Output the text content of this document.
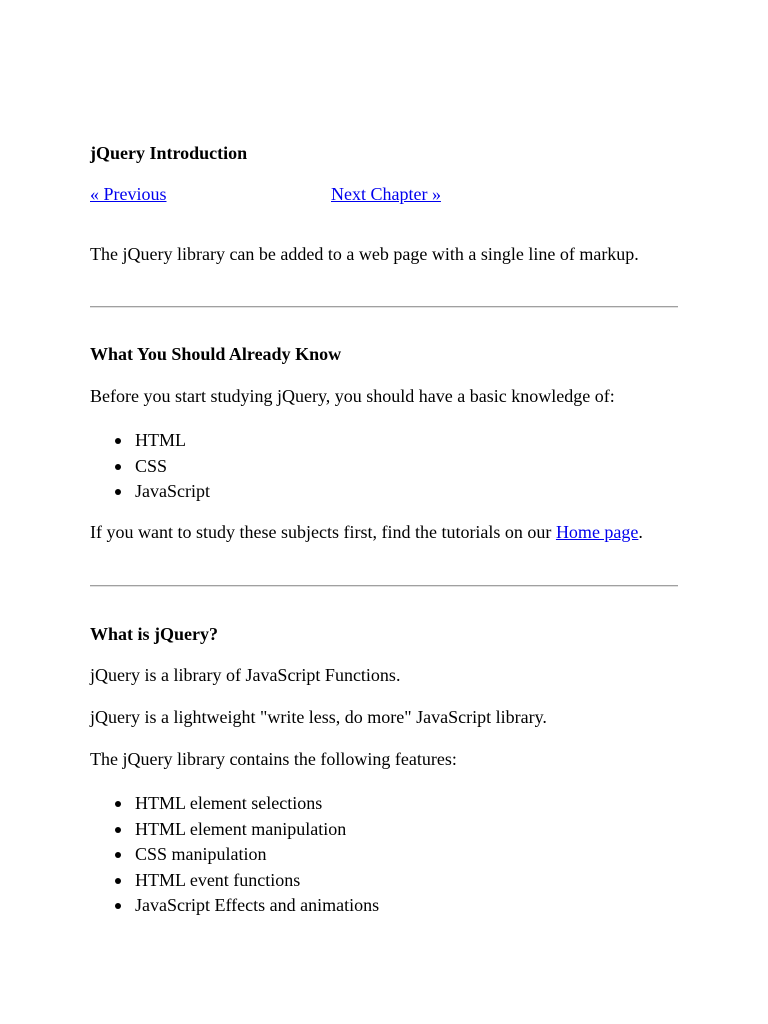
jQuery Introduction
« Previous	Next Chapter »

The jQuery library can be added to a web page with a single line of markup.

What You Should Already Know

Before you start studying jQuery, you should have a basic knowledge of:

HTML
CSS
JavaScript

If you want to study these subjects first, find the tutorials on our Home page.

What is jQuery?

jQuery is a library of JavaScript Functions.

jQuery is a lightweight "write less, do more" JavaScript library.

The jQuery library contains the following features:

HTML element selections
HTML element manipulation
CSS manipulation
HTML event functions
JavaScript Effects and animations
